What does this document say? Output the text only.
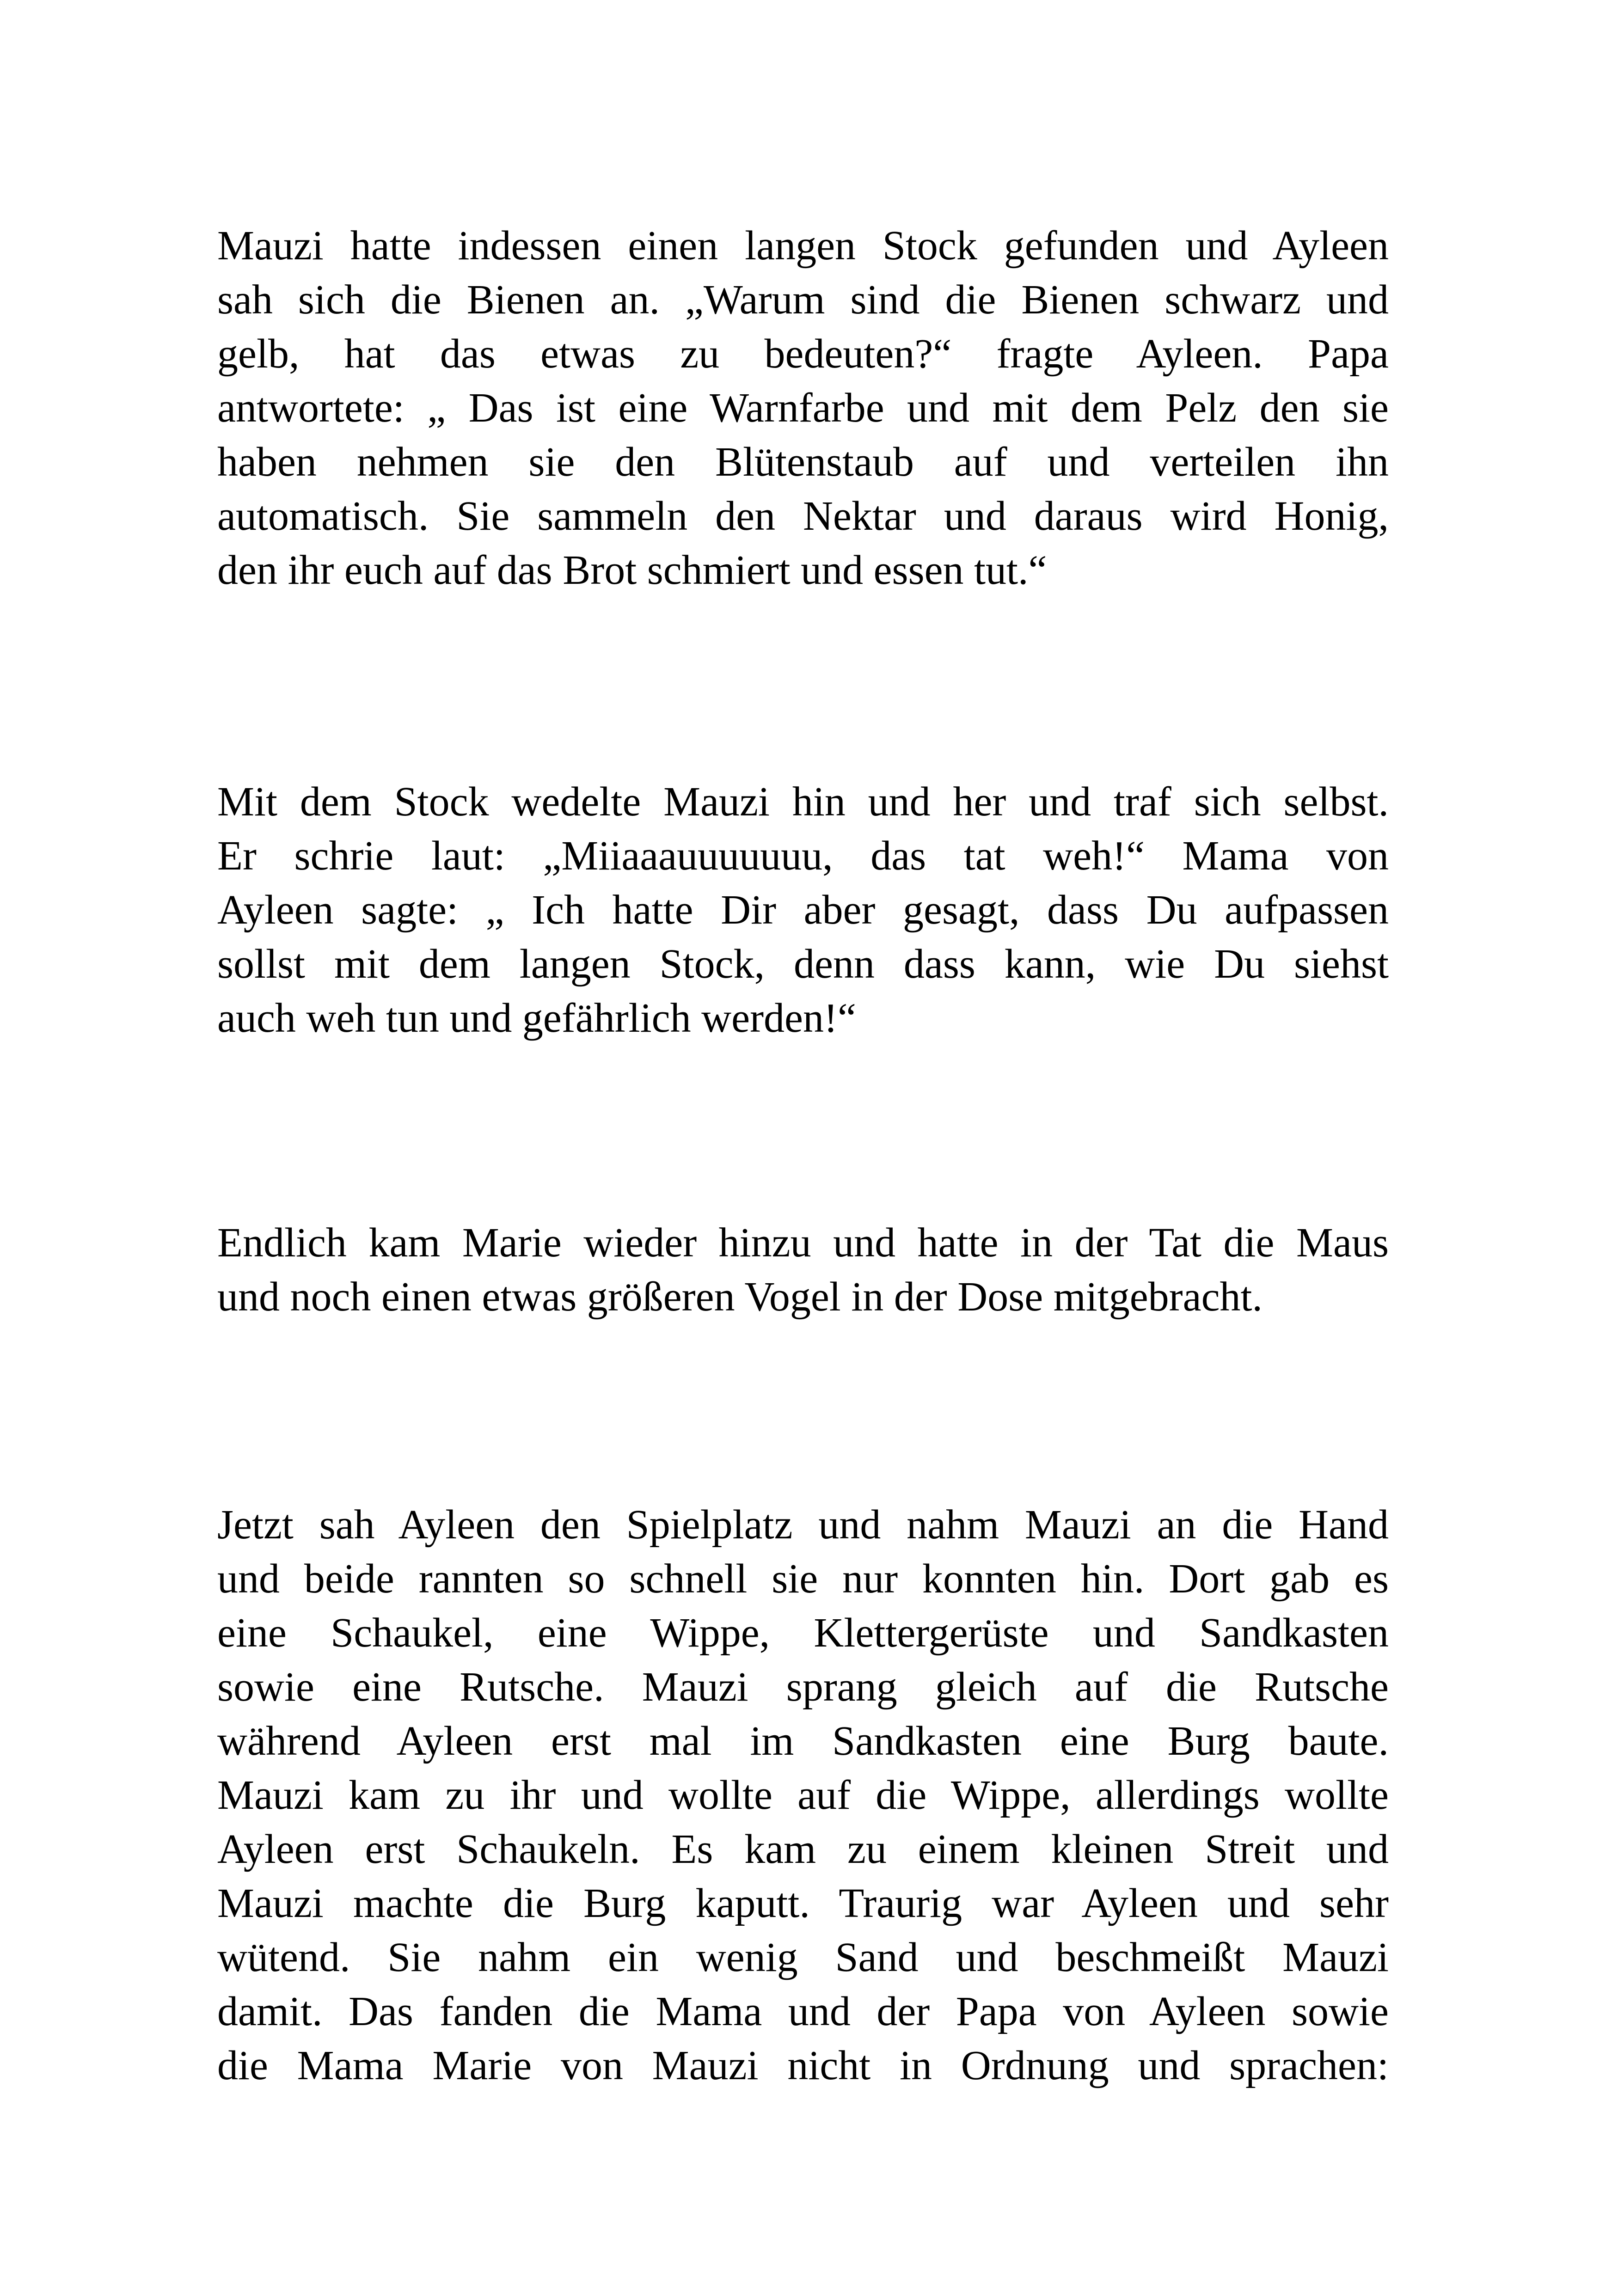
Mauzi hatte indessen einen langen Stock gefunden und Ayleen
sah sich die Bienen an. „Warum sind die Bienen schwarz und
gelb, hat das etwas zu bedeuten?“ fragte Ayleen. Papa
antwortete: „ Das ist eine Warnfarbe und mit dem Pelz den sie
haben nehmen sie den Blütenstaub auf und verteilen ihn
automatisch. Sie sammeln den Nektar und daraus wird Honig,
den ihr euch auf das Brot schmiert und essen tut.“
Mit dem Stock wedelte Mauzi hin und her und traf sich selbst.
Er schrie laut: „Miiaaauuuuuuu, das tat weh!“ Mama von
Ayleen sagte: „ Ich hatte Dir aber gesagt, dass Du aufpassen
sollst mit dem langen Stock, denn dass kann, wie Du siehst
auch weh tun und gefährlich werden!“
Endlich kam Marie wieder hinzu und hatte in der Tat die Maus
und noch einen etwas größeren Vogel in der Dose mitgebracht.
Jetzt sah Ayleen den Spielplatz und nahm Mauzi an die Hand
und beide rannten so schnell sie nur konnten hin. Dort gab es
eine Schaukel, eine Wippe, Klettergerüste und Sandkasten
sowie eine Rutsche. Mauzi sprang gleich auf die Rutsche
während Ayleen erst mal im Sandkasten eine Burg baute.
Mauzi kam zu ihr und wollte auf die Wippe, allerdings wollte
Ayleen erst Schaukeln. Es kam zu einem kleinen Streit und
Mauzi machte die Burg kaputt. Traurig war Ayleen und sehr
wütend. Sie nahm ein wenig Sand und beschmeißt Mauzi
damit. Das fanden die Mama und der Papa von Ayleen sowie
die Mama Marie von Mauzi nicht in Ordnung und sprachen:
